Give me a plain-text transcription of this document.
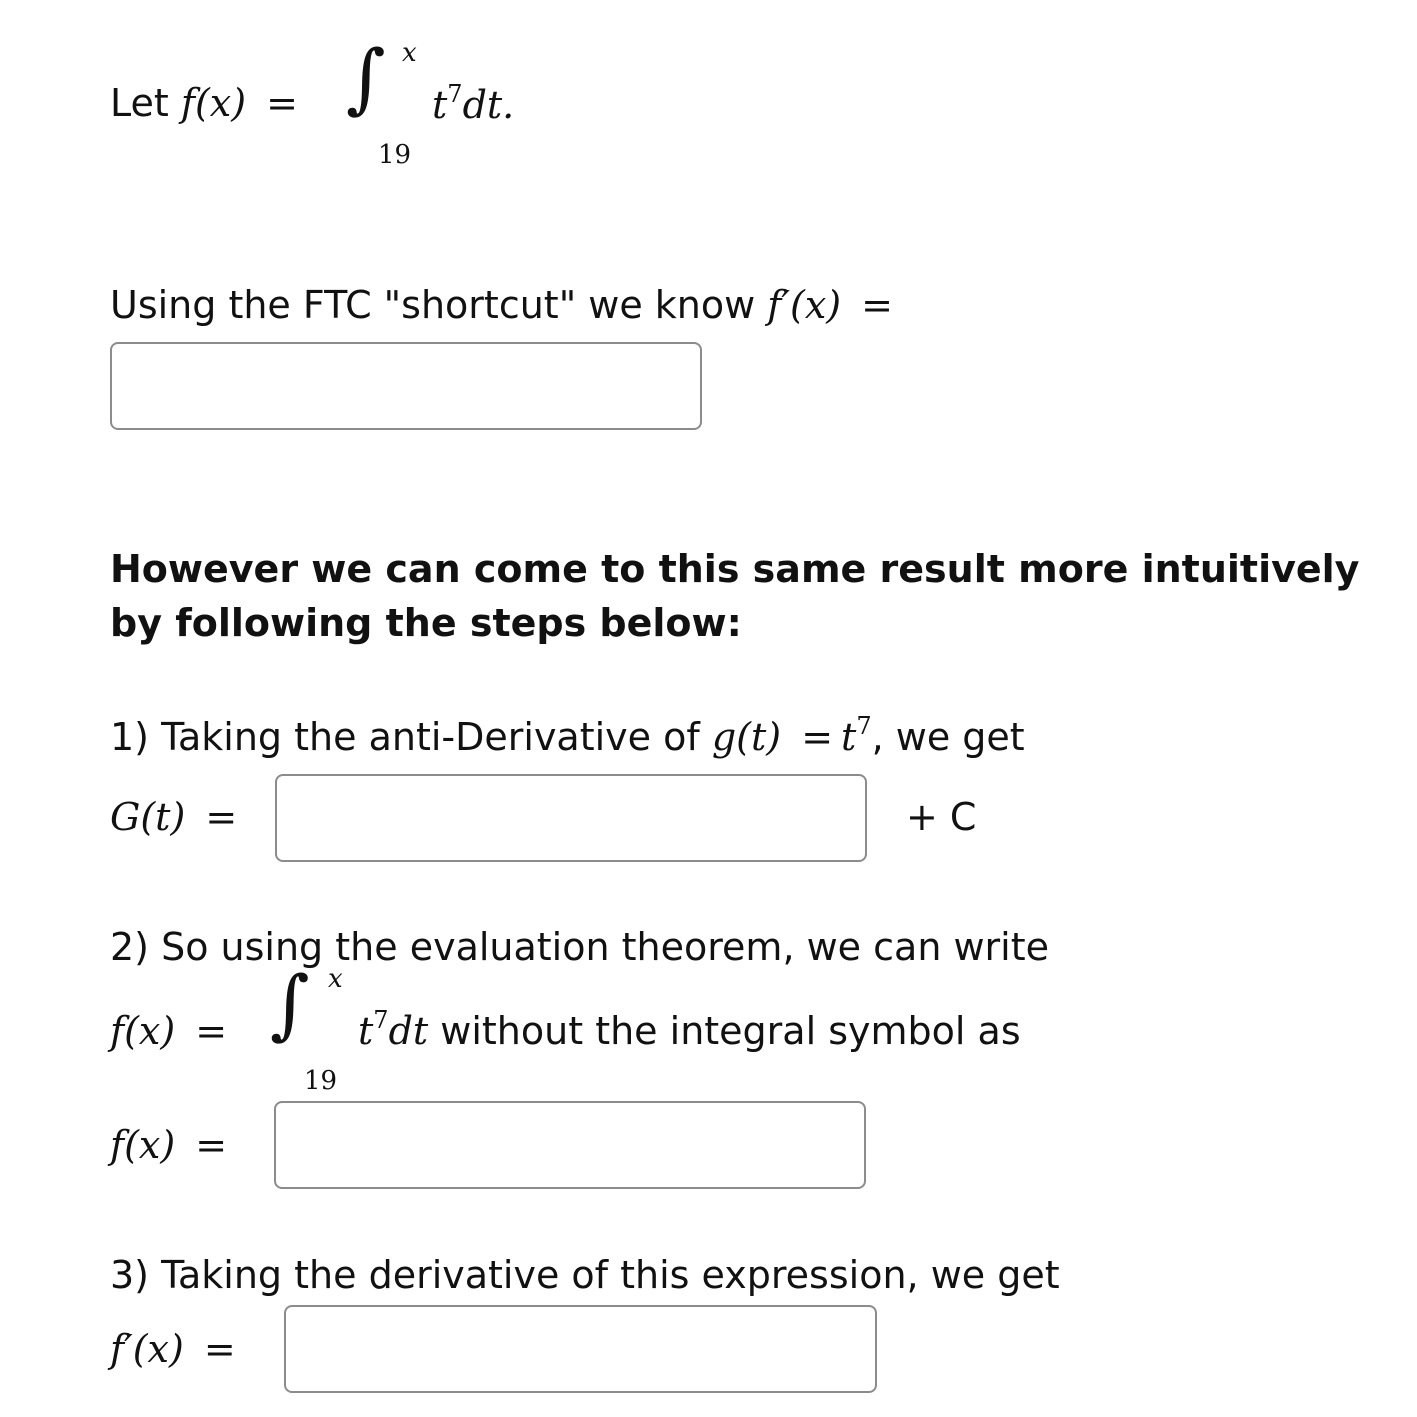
Let f(x) = ∫ x
19
$t^7dt$.
Using the FTC "shortcut" we know f′(x) =
However we can come to this same result more intuitively
by following the steps below:
1) Taking the anti-Derivative of $g(t) = t^7$, we get
G(t) =	+ C
2) So using the evaluation theorem, we can write
f(x) = ∫ x
19
$t^7dt$ without the integral symbol as
f(x) =
3) Taking the derivative of this expression, we get
f′(x) =
